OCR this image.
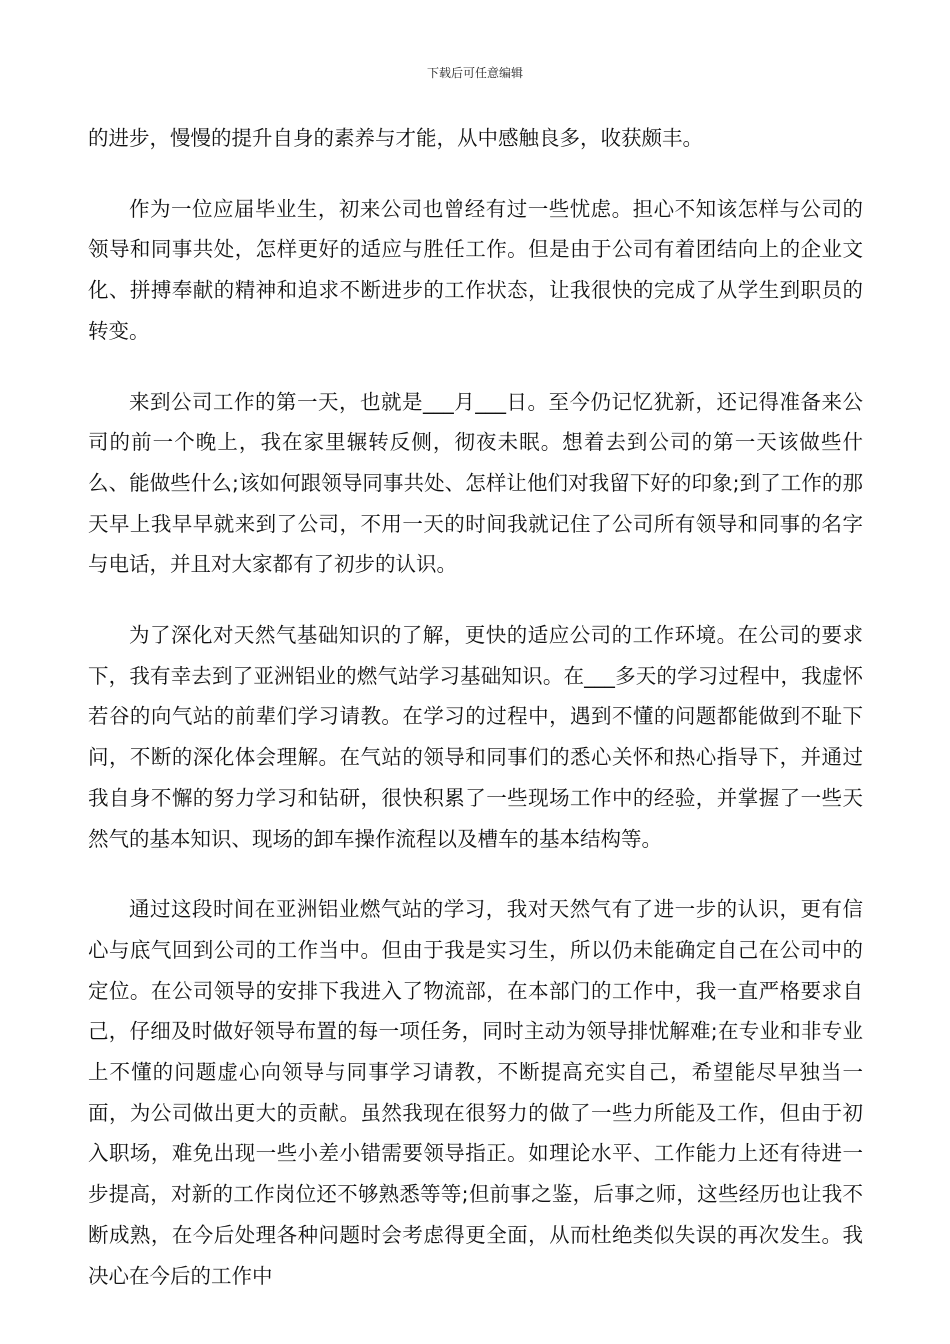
下载后可任意编辑

的进步，慢慢的提升自身的素养与才能，从中感触良多，收获颇丰。

作为一位应届毕业生，初来公司也曾经有过一些忧虑。担心不知该怎样与公司的领导和同事共处，怎样更好的适应与胜任工作。但是由于公司有着团结向上的企业文化、拼搏奉献的精神和追求不断进步的工作状态，让我很快的完成了从学生到职员的转变。

来到公司工作的第一天，也就是___月___日。至今仍记忆犹新，还记得准备来公司的前一个晚上，我在家里辗转反侧，彻夜未眠。想着去到公司的第一天该做些什么、能做些什么;该如何跟领导同事共处、怎样让他们对我留下好的印象;到了工作的那天早上我早早就来到了公司，不用一天的时间我就记住了公司所有领导和同事的名字与电话，并且对大家都有了初步的认识。

为了深化对天然气基础知识的了解，更快的适应公司的工作环境。在公司的要求下，我有幸去到了亚洲铝业的燃气站学习基础知识。在___多天的学习过程中，我虚怀若谷的向气站的前辈们学习请教。在学习的过程中，遇到不懂的问题都能做到不耻下问，不断的深化体会理解。在气站的领导和同事们的悉心关怀和热心指导下，并通过我自身不懈的努力学习和钻研，很快积累了一些现场工作中的经验，并掌握了一些天然气的基本知识、现场的卸车操作流程以及槽车的基本结构等。

通过这段时间在亚洲铝业燃气站的学习，我对天然气有了进一步的认识，更有信心与底气回到公司的工作当中。但由于我是实习生，所以仍未能确定自己在公司中的定位。在公司领导的安排下我进入了物流部，在本部门的工作中，我一直严格要求自己，仔细及时做好领导布置的每一项任务，同时主动为领导排忧解难;在专业和非专业上不懂的问题虚心向领导与同事学习请教，不断提高充实自己，希望能尽早独当一面，为公司做出更大的贡献。虽然我现在很努力的做了一些力所能及工作，但由于初入职场，难免出现一些小差小错需要领导指正。如理论水平、工作能力上还有待进一步提高，对新的工作岗位还不够熟悉等等;但前事之鉴，后事之师，这些经历也让我不断成熟，在今后处理各种问题时会考虑得更全面，从而杜绝类似失误的再次发生。我决心在今后的工作中
